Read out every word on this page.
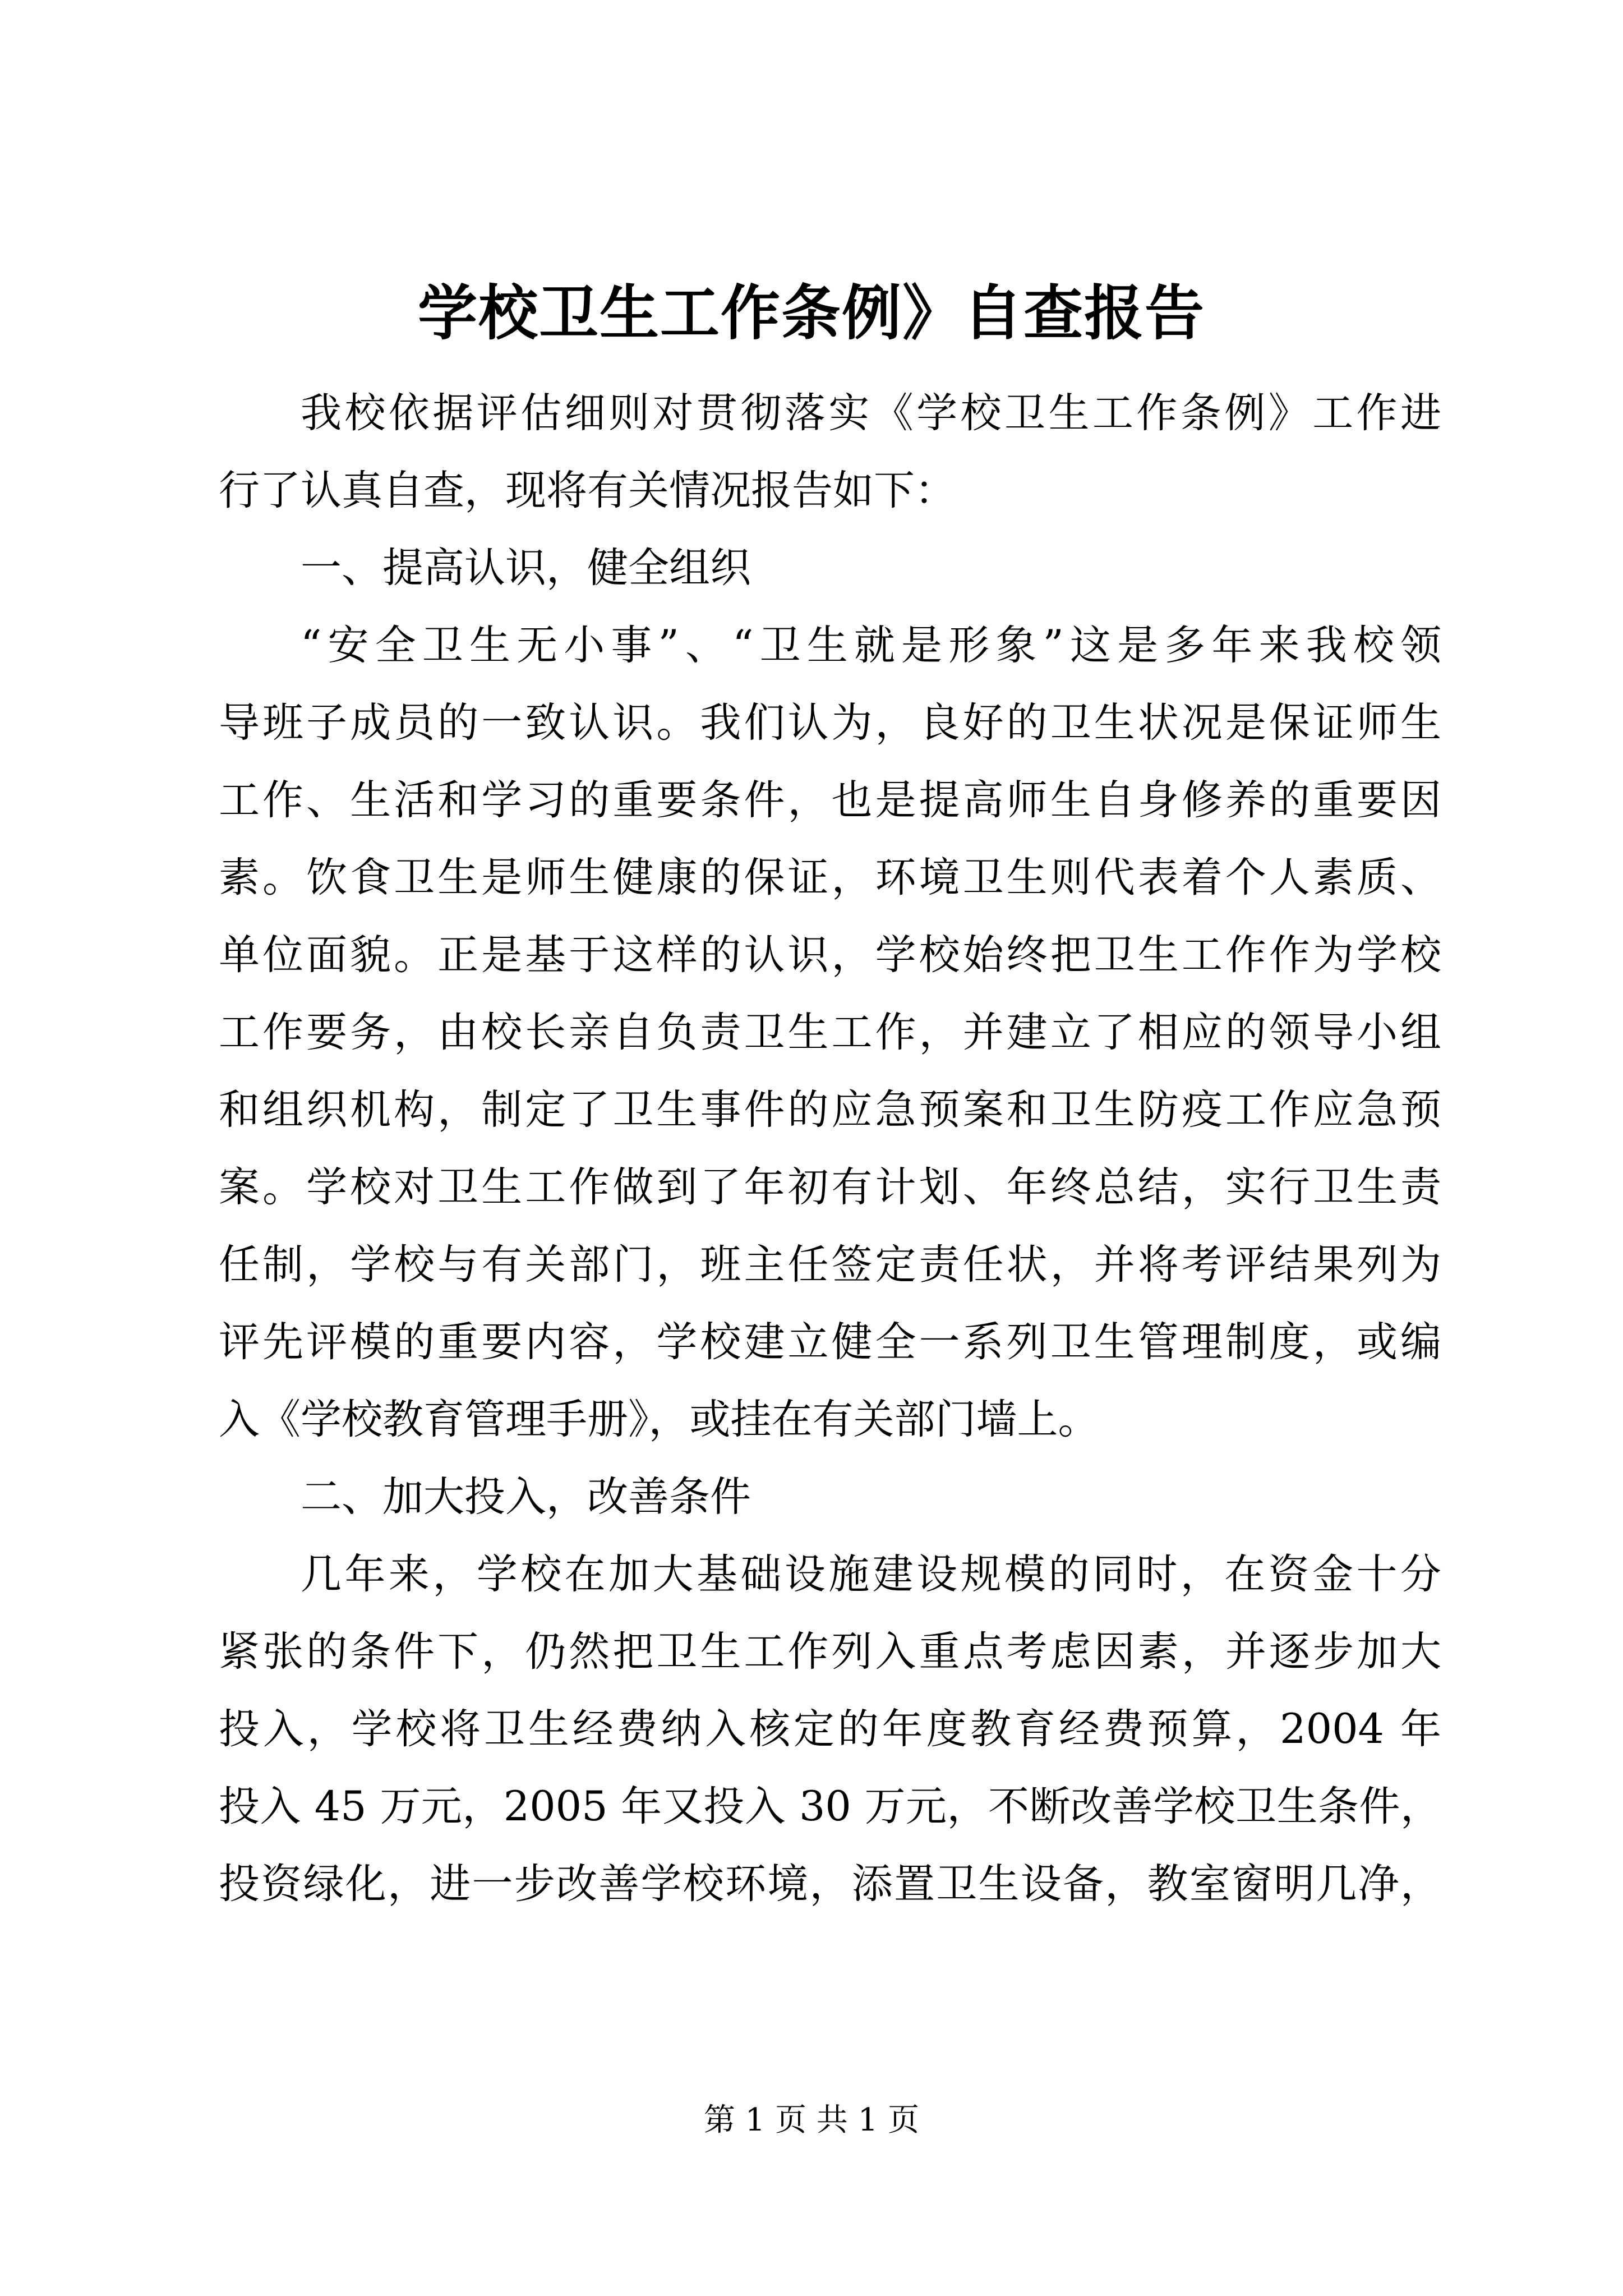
学校卫生工作条例》自查报告

我校依据评估细则对贯彻落实《学校卫生工作条例》工作进

行了认真自查，现将有关情况报告如下：

一、提高认识，健全组织

“安全卫生无小事”、“卫生就是形象”这是多年来我校领

导班子成员的一致认识。我们认为，良好的卫生状况是保证师生

工作、生活和学习的重要条件，也是提高师生自身修养的重要因

素。饮食卫生是师生健康的保证，环境卫生则代表着个人素质、

单位面貌。正是基于这样的认识，学校始终把卫生工作作为学校

工作要务，由校长亲自负责卫生工作，并建立了相应的领导小组

和组织机构，制定了卫生事件的应急预案和卫生防疫工作应急预

案。学校对卫生工作做到了年初有计划、年终总结，实行卫生责

任制，学校与有关部门，班主任签定责任状，并将考评结果列为

评先评模的重要内容，学校建立健全一系列卫生管理制度，或编

入《学校教育管理手册》，或挂在有关部门墙上。

二、加大投入，改善条件

几年来，学校在加大基础设施建设规模的同时，在资金十分

紧张的条件下，仍然把卫生工作列入重点考虑因素，并逐步加大

投入，学校将卫生经费纳入核定的年度教育经费预算，2004 年

投入 45 万元，2005 年又投入 30 万元，不断改善学校卫生条件，

投资绿化，进一步改善学校环境，添置卫生设备，教室窗明几净，

第 1 页 共 1 页
